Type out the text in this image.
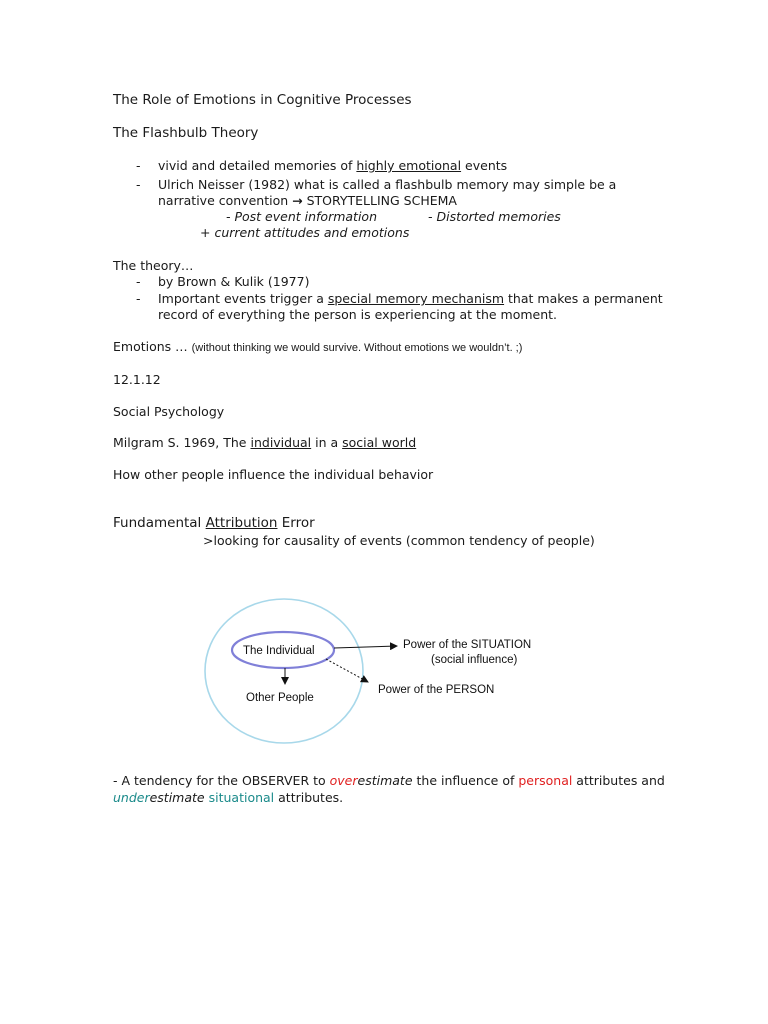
The Role of Emotions in Cognitive Processes
The Flashbulb Theory
- vivid and detailed memories of highly emotional events
- Ulrich Neisser (1982) what is called a flashbulb memory may simple be a
narrative convention → STORYTELLING SCHEMA
- Post event information	- Distorted memories
+ current attitudes and emotions
The theory…
- by Brown & Kulik (1977)
- Important events trigger a special memory mechanism that makes a permanent
record of everything the person is experiencing at the moment.
Emotions … (without thinking we would survive. Without emotions we wouldn’t. ;)
12.1.12
Social Psychology
Milgram S. 1969, The individual in a social world
How other people influence the individual behavior
Fundamental Attribution Error
>looking for causality of events (common tendency of people)
The Individual
Other People
Power of the SITUATION
(social influence)
Power of the PERSON
- A tendency for the OBSERVER to overestimate the influence of personal attributes and
underestimate situational attributes.
